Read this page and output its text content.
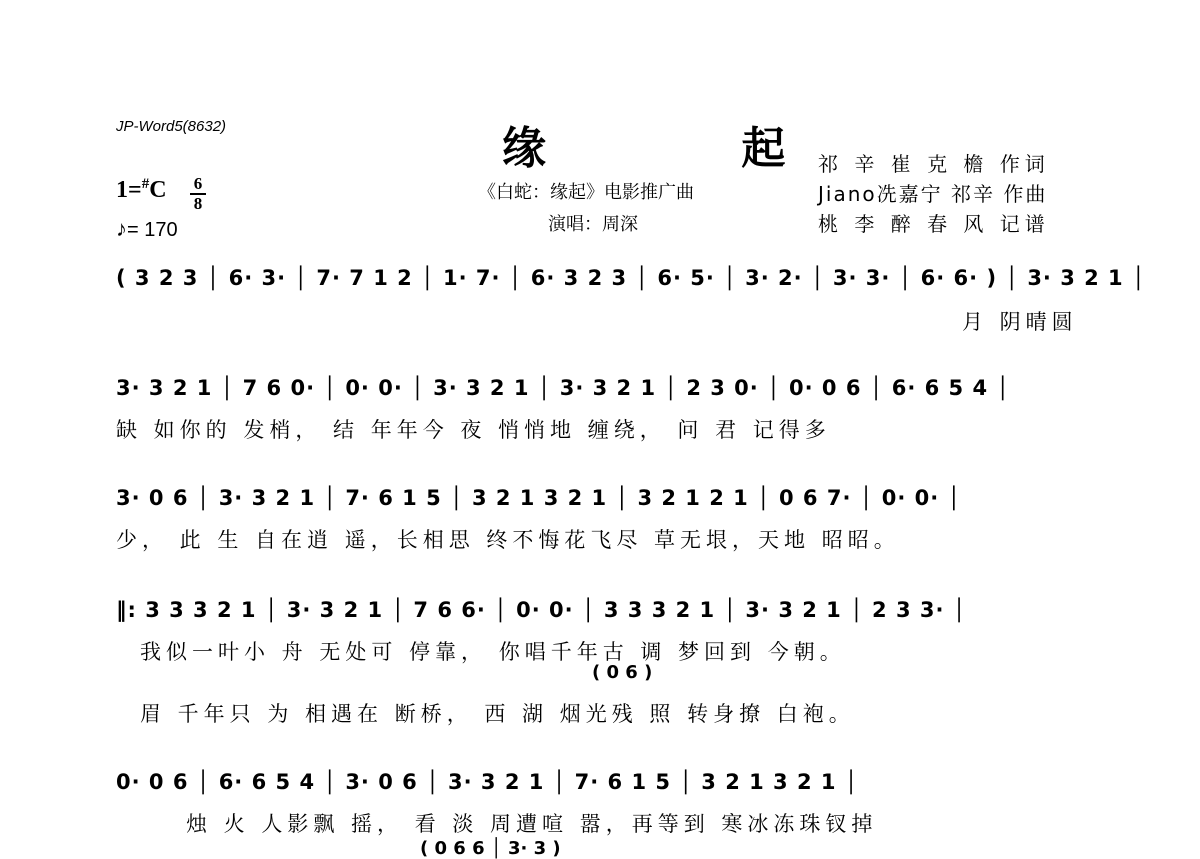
JP-Word5(8632)	缘 起
《白蛇：缘起》电影推广曲
演唱：周深
祁 辛 崔 克 檐 作词
Jiano冼嘉宁 祁辛 作曲
桃 李 醉 春 风 记谱
1=#C 6
8
♪= 170
( 3 2 3 │ 6· 3· │ 7· 7 1 2 │ 1· 7· │ 6· 3 2 3 │ 6· 5· │ 3· 2· │ 3· 3· │ 6· 6· ) │ 3· 3 2 1 │
月 阴晴圆
3· 3 2 1 │ 7 6 0· │ 0· 0· │ 3· 3 2 1 │ 3· 3 2 1 │ 2 3 0· │ 0· 0 6 │ 6· 6 5 4 │
缺 如你的 发梢， 结 年年今 夜 悄悄地 缠绕， 问 君 记得多
3· 0 6 │ 3· 3 2 1 │ 7· 6 1 5 │ 3 2 1 3 2 1 │ 3 2 1 2 1 │ 0 6 7· │ 0· 0· │
少， 此 生 自在逍 遥，长相思 终不悔花飞尽 草无垠，天地 昭昭。
‖: 3 3 3 2 1 │ 3· 3 2 1 │ 7 6 6· │ 0· 0· │ 3 3 3 2 1 │ 3· 3 2 1 │ 2 3 3· │
我似一叶小 舟 无处可 停靠， 你唱千年古 调 梦回到 今朝。
( 0 6 )
眉 千年只 为 相遇在 断桥， 西 湖 烟光残 照 转身撩 白袍。
0· 0 6 │ 6· 6 5 4 │ 3· 0 6 │ 3· 3 2 1 │ 7· 6 1 5 │ 3 2 1 3 2 1 │
烛 火 人影飘 摇， 看 淡 周遭喧 嚣，再等到 寒冰冻珠钗掉
( 0 6 6 │ 3· 3 )
